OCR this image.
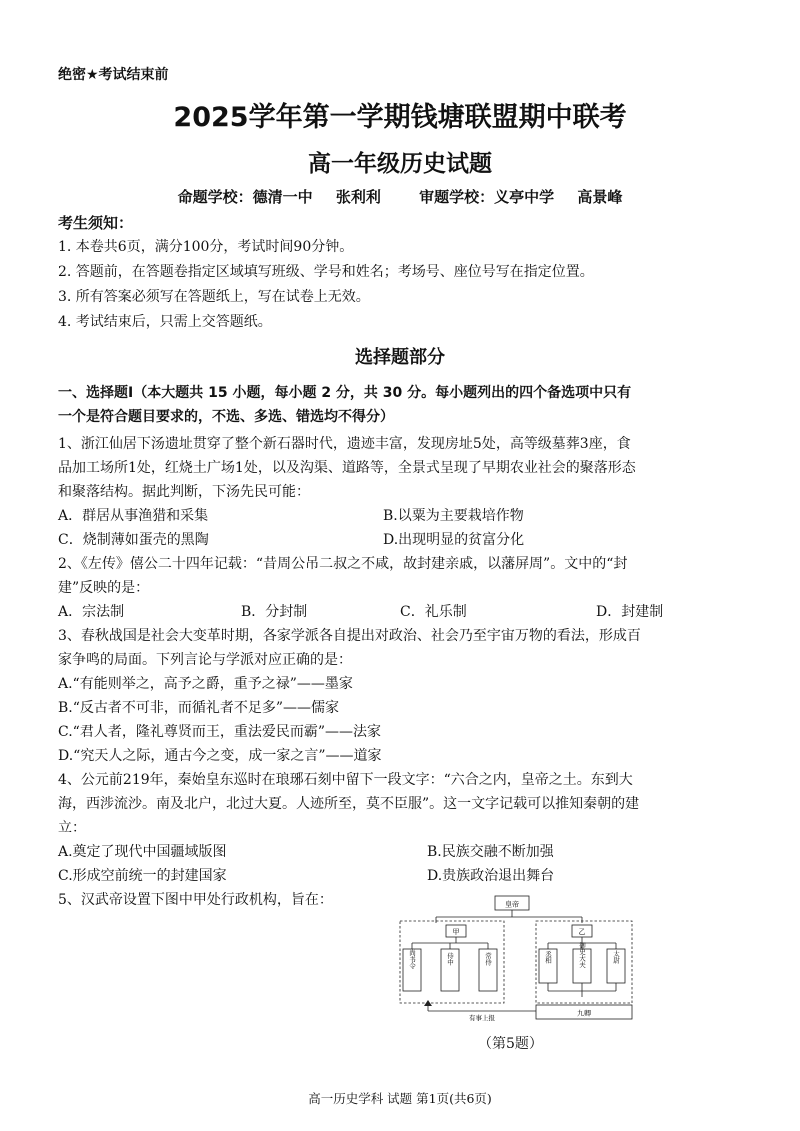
绝密★考试结束前
2025学年第一学期钱塘联盟期中联考
高一年级历史试题
命题学校：德清一中 张利利	审题学校：义亭中学 高景峰
考生须知：
1. 本卷共6页，满分100分，考试时间90分钟。
2. 答题前，在答题卷指定区域填写班级、学号和姓名；考场号、座位号写在指定位置。
3. 所有答案必须写在答题纸上，写在试卷上无效。
4. 考试结束后，只需上交答题纸。
选择题部分
一、选择题Ⅰ（本大题共 15 小题，每小题 2 分，共 30 分。每小题列出的四个备选项中只有
一个是符合题目要求的，不选、多选、错选均不得分）
1、浙江仙居下汤遗址贯穿了整个新石器时代，遗迹丰富，发现房址5处，高等级墓葬3座，食
品加工场所1处，红烧土广场1处，以及沟渠、道路等，全景式呈现了早期农业社会的聚落形态
和聚落结构。据此判断，下汤先民可能：
A．群居从事渔猎和采集	B.以粟为主要栽培作物
C．烧制薄如蛋壳的黑陶	D.出现明显的贫富分化
2、《左传》僖公二十四年记载：“昔周公吊二叔之不咸，故封建亲戚，以藩屏周”。文中的“封
建”反映的是：
A．宗法制	B．分封制	C．礼乐制	D．封建制
3、春秋战国是社会大变革时期，各家学派各自提出对政治、社会乃至宇宙万物的看法，形成百
家争鸣的局面。下列言论与学派对应正确的是：
A.“有能则举之，高予之爵，重予之禄”——墨家
B.“反古者不可非，而循礼者不足多”——儒家
C.“君人者，隆礼尊贤而王，重法爱民而霸”——法家
D.“究天人之际，通古今之变，成一家之言”——道家
4、公元前219年，秦始皇东巡时在琅琊石刻中留下一段文字：“六合之内，皇帝之土。东到大
海，西涉流沙。南及北户，北过大夏。人迹所至，莫不臣服”。这一文字记载可以推知秦朝的建
立：
A.奠定了现代中国疆域版图	B.民族交融不断加强
C.形成空前统一的封建国家	D.贵族政治退出舞台
5、汉武帝设置下图中甲处行政机构，旨在：	皇帝
甲
尚书令	侍中	常侍
乙
丞相	御史大夫	太尉
九卿
有事上报
（第5题）
高一历史学科 试题 第1页(共6页)
